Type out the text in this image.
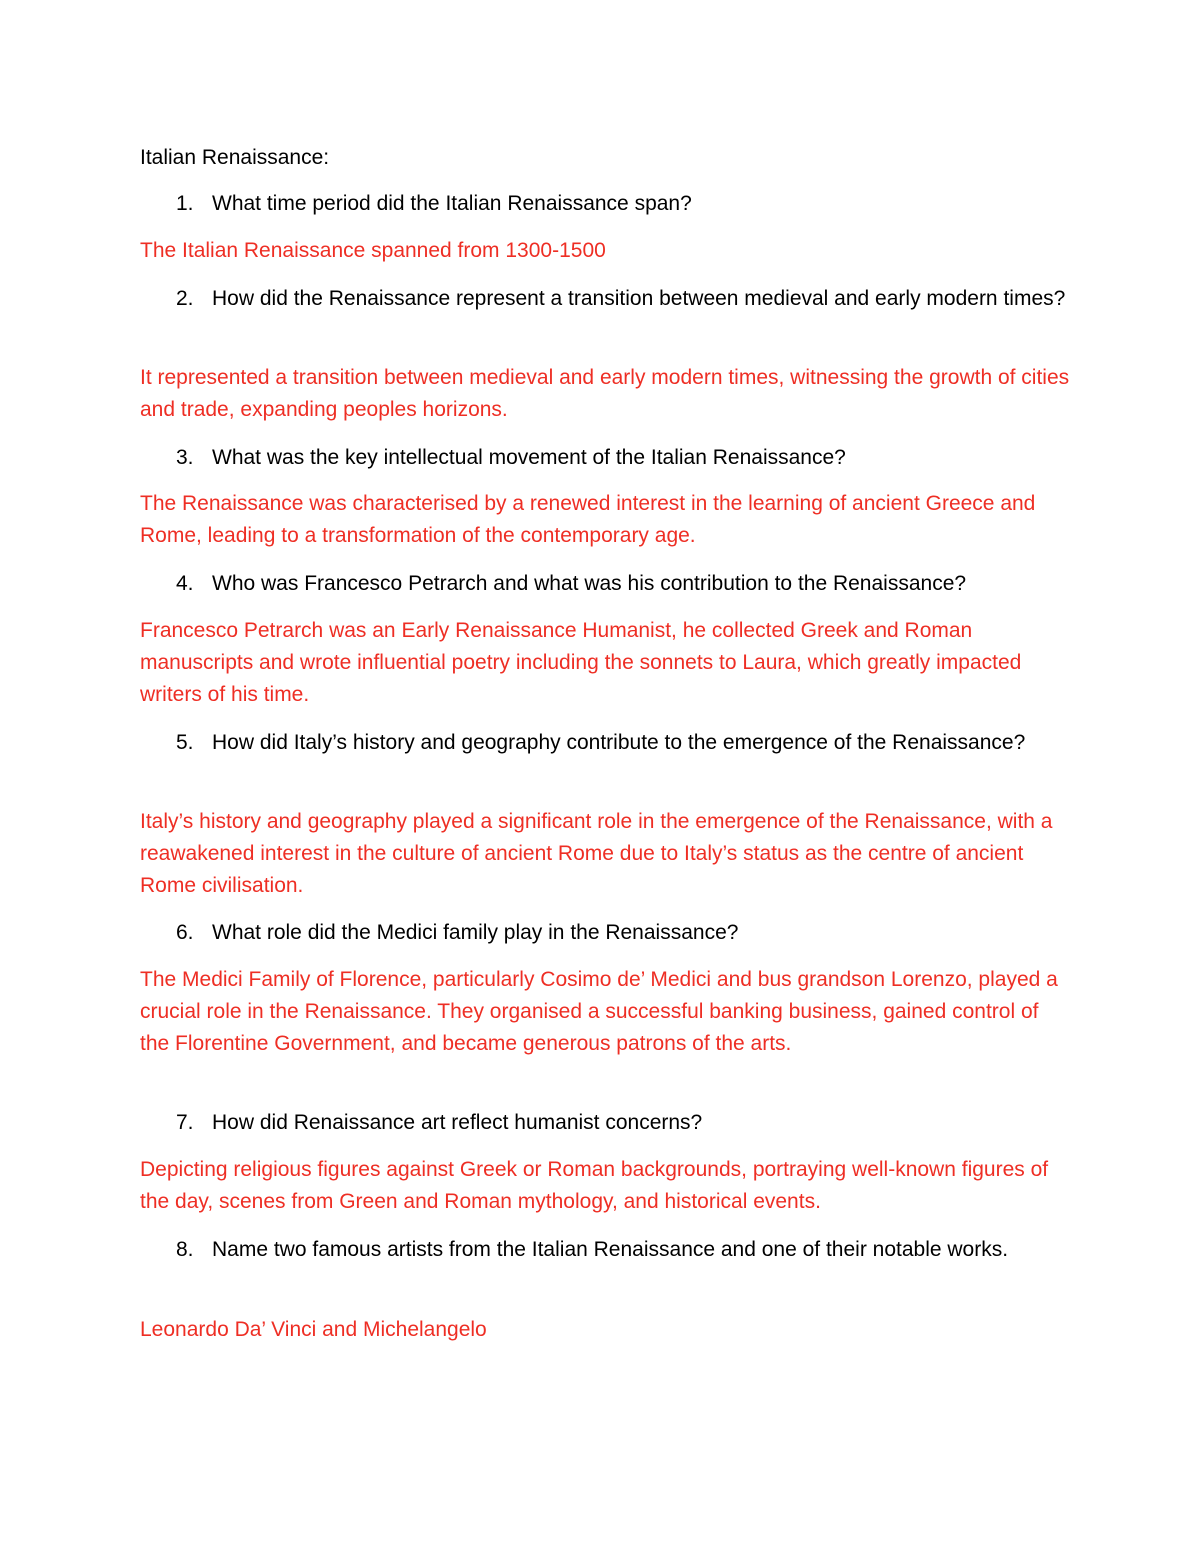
Italian Renaissance:
1. What time period did the Italian Renaissance span?
The Italian Renaissance spanned from 1300-1500
2. How did the Renaissance represent a transition between medieval and early modern times?
It represented a transition between medieval and early modern times, witnessing the growth of cities and trade, expanding peoples horizons.
3. What was the key intellectual movement of the Italian Renaissance?
The Renaissance was characterised by a renewed interest in the learning of ancient Greece and Rome, leading to a transformation of the contemporary age.
4. Who was Francesco Petrarch and what was his contribution to the Renaissance?
Francesco Petrarch was an Early Renaissance Humanist, he collected Greek and Roman manuscripts and wrote influential poetry including the sonnets to Laura, which greatly impacted writers of his time.
5. How did Italy’s history and geography contribute to the emergence of the Renaissance?
Italy’s history and geography played a significant role in the emergence of the Renaissance, with a reawakened interest in the culture of ancient Rome due to Italy’s status as the centre of ancient Rome civilisation.
6. What role did the Medici family play in the Renaissance?
The Medici Family of Florence, particularly Cosimo de’ Medici and bus grandson Lorenzo, played a crucial role in the Renaissance. They organised a successful banking business, gained control of the Florentine Government, and became generous patrons of the arts.
7. How did Renaissance art reflect humanist concerns?
Depicting religious figures against Greek or Roman backgrounds, portraying well-known figures of the day, scenes from Green and Roman mythology, and historical events.
8. Name two famous artists from the Italian Renaissance and one of their notable works.
Leonardo Da’ Vinci and Michelangelo
